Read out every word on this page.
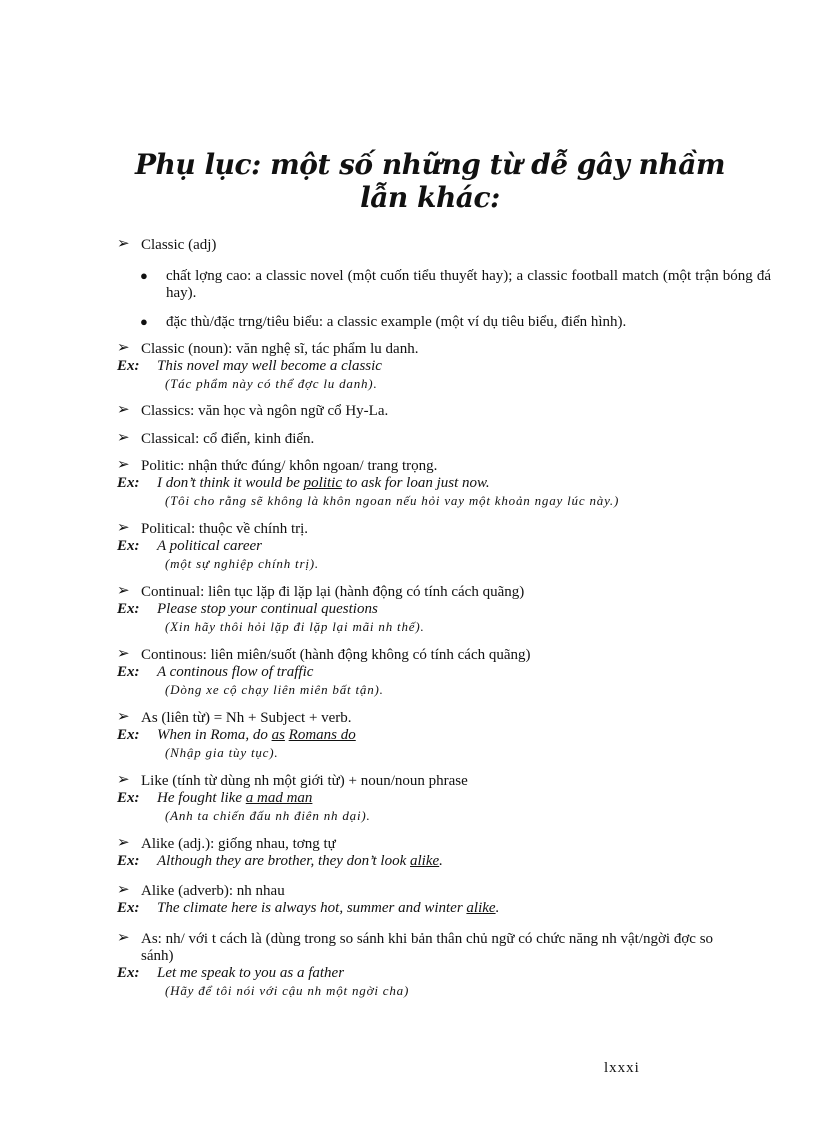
Phụ lục: một số những từ dễ gây nhầm lẫn khác:
➢ Classic (adj)
● chất lợng cao: a classic novel (một cuốn tiểu thuyết hay); a classic football match (một trận bóng đá hay).
● đặc thù/đặc trng/tiêu biểu: a classic example (một ví dụ tiêu biểu, điển hình).
➢ Classic (noun): văn nghệ sĩ, tác phẩm lu danh.
Ex: This novel may well become a classic
(Tác phẩm này có thể đợc lu danh).
➢ Classics: văn học và ngôn ngữ cổ Hy-La.
➢ Classical: cổ điển, kinh điển.
➢ Politic: nhận thức đúng/ khôn ngoan/ trang trọng.
Ex: I don’t think it would be politic to ask for loan just now.
(Tôi cho rằng sẽ không là khôn ngoan nếu hỏi vay một khoản ngay lúc này.)
➢ Political: thuộc về chính trị.
Ex: A political career
(một sự nghiệp chính trị).
➢ Continual: liên tục lặp đi lặp lại (hành động có tính cách quãng)
Ex: Please stop your continual questions
(Xin hãy thôi hỏi lặp đi lặp lại mãi nh thế).
➢ Continous: liên miên/suốt (hành động không có tính cách quãng)
Ex: A continous flow of traffic
(Dòng xe cộ chạy liên miên bất tận).
➢ As (liên từ) = Nh + Subject + verb.
Ex: When in Roma, do as Romans do
(Nhập gia tùy tục).
➢ Like (tính từ dùng nh một giới từ) + noun/noun phrase
Ex: He fought like a mad man
(Anh ta chiến đấu nh điên nh dại).
➢ Alike (adj.): giống nhau, tơng tự
Ex: Although they are brother, they don’t look alike.
➢ Alike (adverb): nh nhau
Ex: The climate here is always hot, summer and winter alike.
➢ As: nh/ với t cách là (dùng trong so sánh khi bản thân chủ ngữ có chức năng nh vật/ngời đợc so sánh)
Ex: Let me speak to you as a father
(Hãy để tôi nói với cậu nh một ngời cha)
lxxxi
